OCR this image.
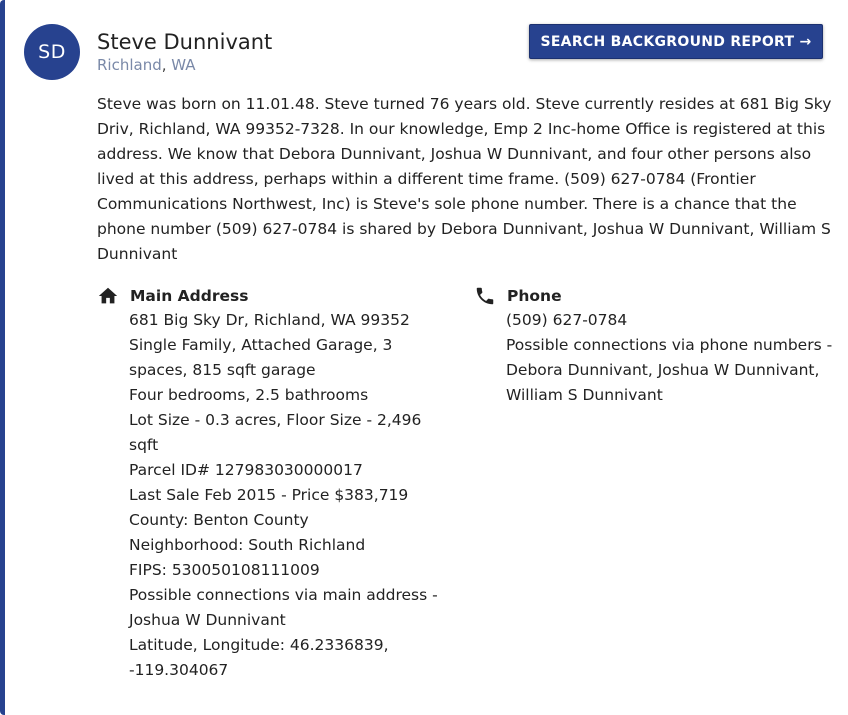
SD	Steve Dunnivant
Richland, WA
SEARCH BACKGROUND REPORT →

Steve was born on 11.01.48. Steve turned 76 years old. Steve currently resides at 681 Big Sky Driv, Richland, WA 99352-7328. In our knowledge, Emp 2 Inc-home Office is registered at this address. We know that Debora Dunnivant, Joshua W Dunnivant, and four other persons also lived at this address, perhaps within a different time frame. (509) 627-0784 (Frontier Communications Northwest, Inc) is Steve's sole phone number. There is a chance that the phone number (509) 627-0784 is shared by Debora Dunnivant, Joshua W Dunnivant, William S Dunnivant

Main Address
681 Big Sky Dr, Richland, WA 99352
Single Family, Attached Garage, 3 spaces, 815 sqft garage
Four bedrooms, 2.5 bathrooms
Lot Size - 0.3 acres, Floor Size - 2,496 sqft
Parcel ID# 127983030000017
Last Sale Feb 2015 - Price $383,719
County: Benton County
Neighborhood: South Richland
FIPS: 530050108111009
Possible connections via main address - Joshua W Dunnivant
Latitude, Longitude: 46.2336839, -119.304067
Phone
(509) 627-0784
Possible connections via phone numbers - Debora Dunnivant, Joshua W Dunnivant, William S Dunnivant
